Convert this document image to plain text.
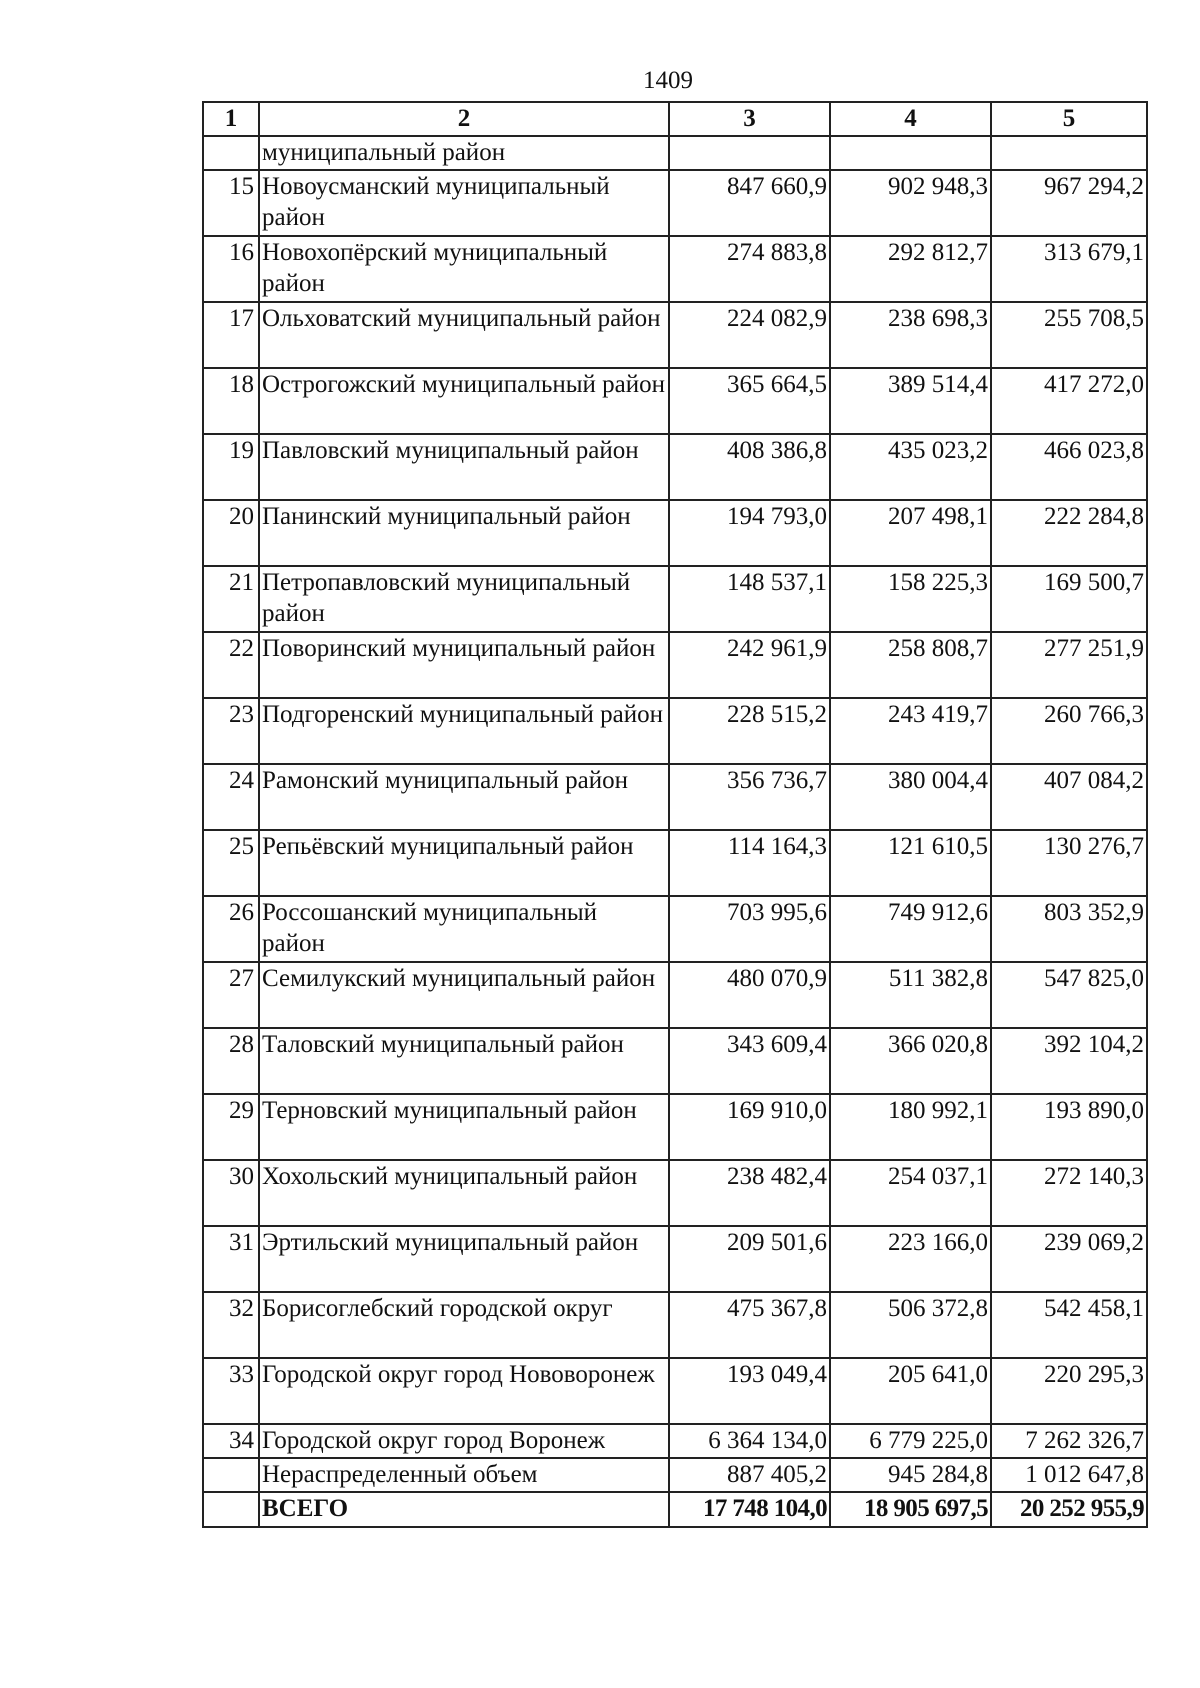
1409
1	2	3	4	5
	муниципальный район			
15	Новоусманский муниципальный район	847 660,9	902 948,3	967 294,2
16	Новохопёрский муниципальный район	274 883,8	292 812,7	313 679,1
17	Ольховатский муниципальный район	224 082,9	238 698,3	255 708,5
18	Острогожский муниципальный район	365 664,5	389 514,4	417 272,0
19	Павловский муниципальный район	408 386,8	435 023,2	466 023,8
20	Панинский муниципальный район	194 793,0	207 498,1	222 284,8
21	Петропавловский муниципальный район	148 537,1	158 225,3	169 500,7
22	Поворинский муниципальный район	242 961,9	258 808,7	277 251,9
23	Подгоренский муниципальный район	228 515,2	243 419,7	260 766,3
24	Рамонский муниципальный район	356 736,7	380 004,4	407 084,2
25	Репьёвский муниципальный район	114 164,3	121 610,5	130 276,7
26	Россошанский муниципальный район	703 995,6	749 912,6	803 352,9
27	Семилукский муниципальный район	480 070,9	511 382,8	547 825,0
28	Таловский муниципальный район	343 609,4	366 020,8	392 104,2
29	Терновский муниципальный район	169 910,0	180 992,1	193 890,0
30	Хохольский муниципальный район	238 482,4	254 037,1	272 140,3
31	Эртильский муниципальный район	209 501,6	223 166,0	239 069,2
32	Борисоглебский городской округ	475 367,8	506 372,8	542 458,1
33	Городской округ город Нововоронеж	193 049,4	205 641,0	220 295,3
34	Городской округ город Воронеж	6 364 134,0	6 779 225,0	7 262 326,7
	Нераспределенный объем	887 405,2	945 284,8	1 012 647,8
	ВСЕГО	17 748 104,0	18 905 697,5	20 252 955,9
